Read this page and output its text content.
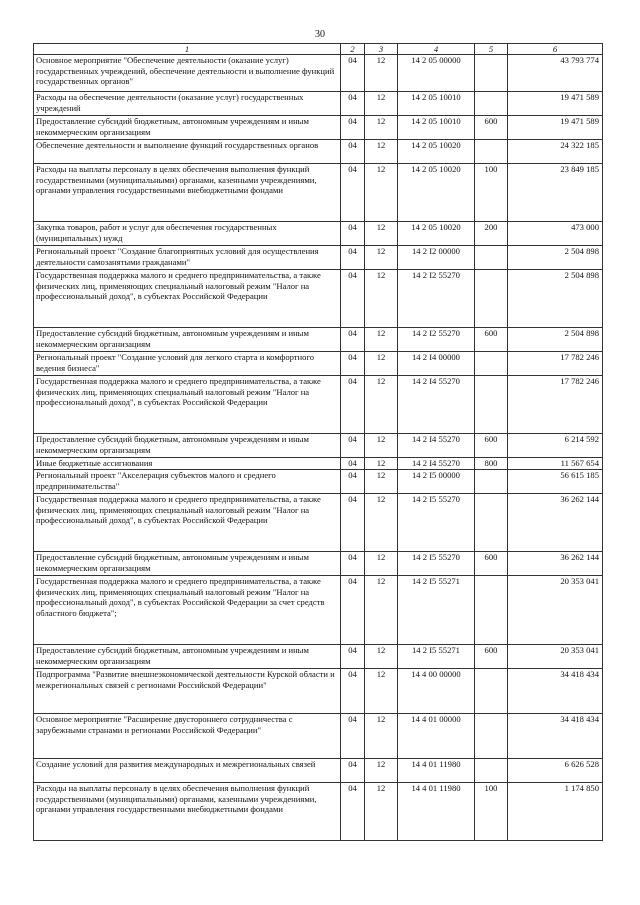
30
1	2	3	4	5	6
Основное мероприятие "Обеспечение деятельности (оказание услуг) государственных учреждений, обеспечение деятельности и выполнение функций государственных органов"	04	12	14 2 05 00000		43 793 774
Расходы на обеспечение деятельности (оказание услуг) государственных учреждений	04	12	14 2 05 10010		19 471 589
Предоставление субсидий бюджетным, автономным учреждениям и иным некоммерческим организациям	04	12	14 2 05 10010	600	19 471 589
Обеспечение деятельности и выполнение функций государственных органов	04	12	14 2 05 10020		24 322 185
Расходы на выплаты персоналу в целях обеспечения выполнения функций государственными (муниципальными) органами, казенными учреждениями, органами управления государственными внебюджетными фондами	04	12	14 2 05 10020	100	23 849 185
Закупка товаров, работ и услуг для обеспечения государственных (муниципальных) нужд	04	12	14 2 05 10020	200	473 000
Региональный проект "Создание благоприятных условий для осуществления деятельности самозанятыми гражданами"	04	12	14 2 I2 00000		2 504 898
Государственная поддержка малого и среднего предпринимательства, а также физических лиц, применяющих специальный налоговый режим "Налог на профессиональный доход", в субъектах Российской Федерации	04	12	14 2 I2 55270		2 504 898
Предоставление субсидий бюджетным, автономным учреждениям и иным некоммерческим организациям	04	12	14 2 I2 55270	600	2 504 898
Региональный проект "Создание условий для легкого старта и комфортного ведения бизнеса"	04	12	14 2 I4 00000		17 782 246
Государственная поддержка малого и среднего предпринимательства, а также физических лиц, применяющих специальный налоговый режим "Налог на профессиональный доход", в субъектах Российской Федерации	04	12	14 2 I4 55270		17 782 246
Предоставление субсидий бюджетным, автономным учреждениям и иным некоммерческим организациям	04	12	14 2 I4 55270	600	6 214 592
Иные бюджетные ассигнования	04	12	14 2 I4 55270	800	11 567 654
Региональный проект "Акселерация субъектов малого и среднего предпринимательства"	04	12	14 2 I5 00000		56 615 185
Государственная поддержка малого и среднего предпринимательства, а также физических лиц, применяющих специальный налоговый режим "Налог на профессиональный доход", в субъектах Российской Федерации	04	12	14 2 I5 55270		36 262 144
Предоставление субсидий бюджетным, автономным учреждениям и иным некоммерческим организациям	04	12	14 2 I5 55270	600	36 262 144
Государственная поддержка малого и среднего предпринимательства, а также физических лиц, применяющих специальный налоговый режим "Налог на профессиональный доход", в субъектах Российской Федерации за счет средств областного бюджета";	04	12	14 2 I5 55271		20 353 041
Предоставление субсидий бюджетным, автономным учреждениям и иным некоммерческим организациям	04	12	14 2 I5 55271	600	20 353 041
Подпрограмма "Развитие внешнеэкономической деятельности Курской области и межрегиональных связей с регионами Российской Федерации"	04	12	14 4 00 00000		34 418 434
Основное мероприятие "Расширение двустороннего сотрудничества с зарубежными странами и регионами Российской Федерации"	04	12	14 4 01 00000		34 418 434
Создание условий для развития международных и межрегиональных связей	04	12	14 4 01 11980		6 626 528
Расходы на выплаты персоналу в целях обеспечения выполнения функций государственными (муниципальными) органами, казенными учреждениями, органами управления государственными внебюджетными фондами	04	12	14 4 01 11980	100	1 174 850
